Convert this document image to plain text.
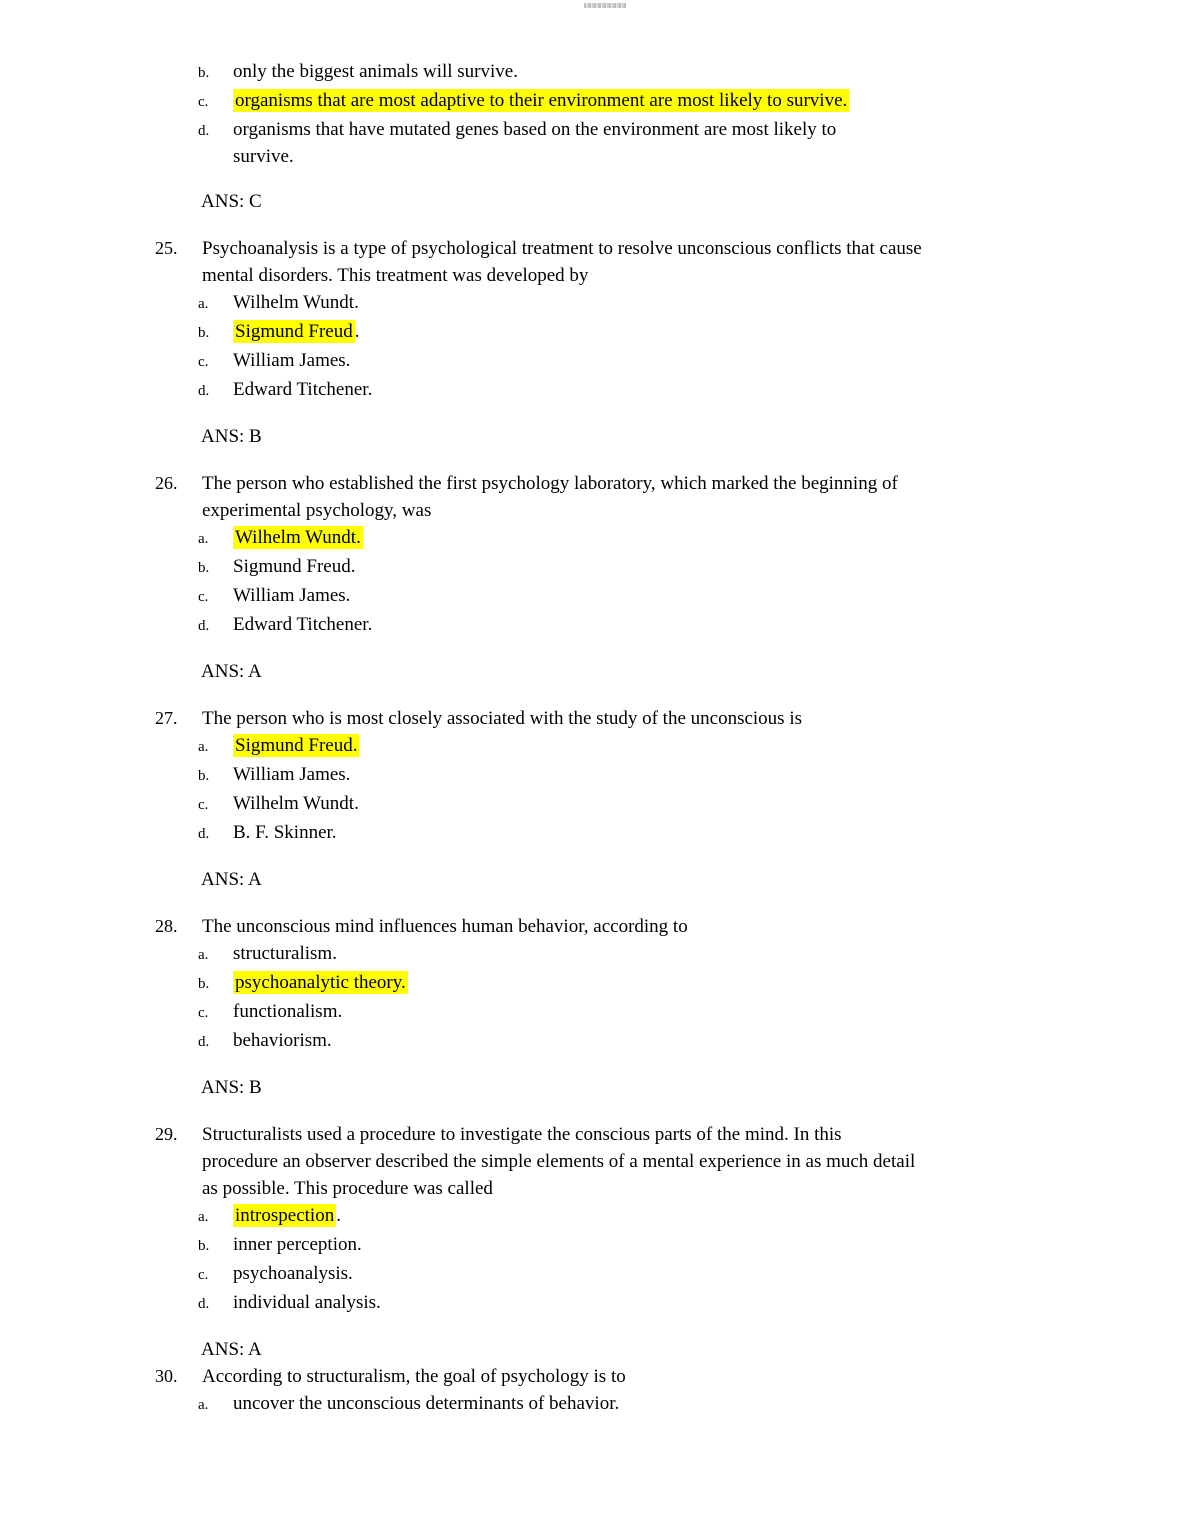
b.	only the biggest animals will survive.
c.	organisms that are most adaptive to their environment are most likely to survive.
d.	organisms that have mutated genes based on the environment are most likely to
survive.
ANS: C
25.	Psychoanalysis is a type of psychological treatment to resolve unconscious conflicts that cause
mental disorders. This treatment was developed by
a.	Wilhelm Wundt.
b.	Sigmund Freud .
c.	William James.
d.	Edward Titchener.
ANS: B
26.	The person who established the first psychology laboratory, which marked the beginning of
experimental psychology, was
a.	Wilhelm Wundt.
b.	Sigmund Freud.
c.	William James.
d.	Edward Titchener.
ANS: A
27.	The person who is most closely associated with the study of the unconscious is
a.	Sigmund Freud.
b.	William James.
c.	Wilhelm Wundt.
d.	B. F. Skinner.
ANS: A
28.	The unconscious mind influences human behavior, according to
a.	structuralism.
b.	psychoanalytic theory.
c.	functionalism.
d.	behaviorism.
ANS: B
29.	Structuralists used a procedure to investigate the conscious parts of the mind. In this
procedure an observer described the simple elements of a mental experience in as much detail
as possible. This procedure was called
a.	introspection .
b.	inner perception.
c.	psychoanalysis.
d.	individual analysis.
ANS: A
30.	According to structuralism, the goal of psychology is to
a.	uncover the unconscious determinants of behavior.
